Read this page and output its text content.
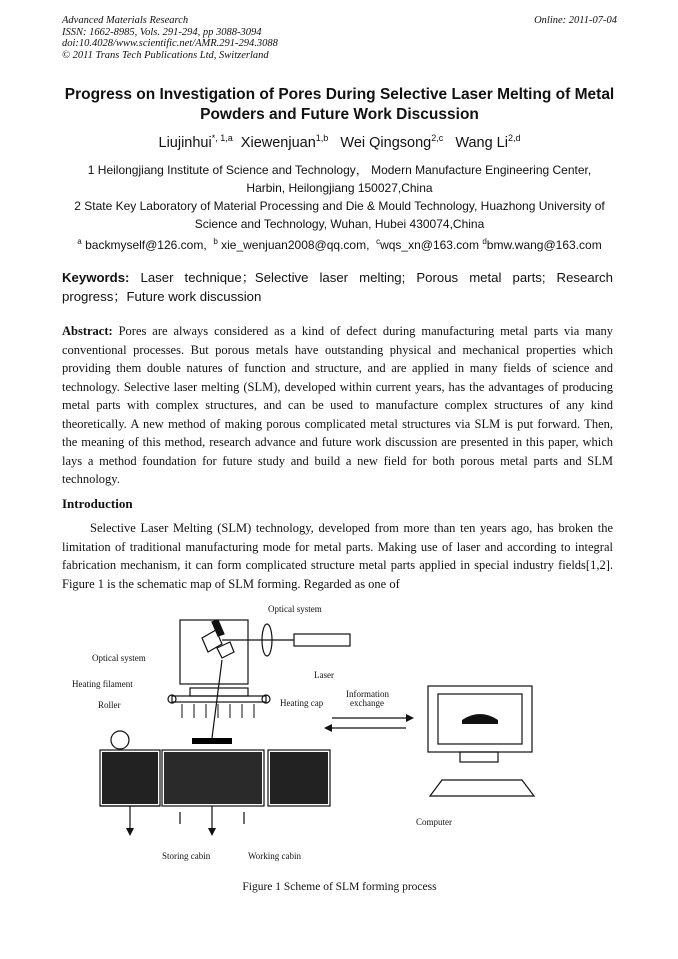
Advanced Materials Research
ISSN: 1662-8985, Vols. 291-294, pp 3088-3094
doi:10.4028/www.scientific.net/AMR.291-294.3088
© 2011 Trans Tech Publications Ltd, Switzerland
Online: 2011-07-04
Progress on Investigation of Pores During Selective Laser Melting of Metal Powders and Future Work Discussion
Liujinhui$^{*, 1,a}$ Xiewenjuan$^{1,b}$ Wei Qingsong$^{2,c}$ Wang Li$^{2,d}$
1 Heilongjiang Institute of Science and Technology， Modern Manufacture Engineering Center,
Harbin, Heilongjiang 150027,China
2 State Key Laboratory of Material Processing and Die & Mould Technology, Huazhong University of
Science and Technology, Wuhan, Hubei 430074,China
$^a$ backmyself@126.com, $^b$ xie_wenjuan2008@qq.com, $^c$wqs_xn@163.com $^d$bmw.wang@163.com
Keywords: Laser technique；Selective laser melting; Porous metal parts; Research progress；Future work discussion
Abstract: Pores are always considered as a kind of defect during manufacturing metal parts via many conventional processes. But porous metals have outstanding physical and mechanical properties which providing them double natures of function and structure, and are applied in many fields of science and technology. Selective laser melting (SLM), developed within current years, has the advantages of producing metal parts with complex structures, and can be used to manufacture complex structures of any kind theoretically. A new method of making porous complicated metal structures via SLM is put forward. Then, the meaning of this method, research advance and future work discussion are presented in this paper, which lays a method foundation for future study and build a new field for both porous metal parts and SLM technology.
Introduction
Selective Laser Melting (SLM) technology, developed from more than ten years ago, has broken the limitation of traditional manufacturing mode for metal parts. Making use of laser and according to integral fabrication mechanism, it can form complicated structure metal parts applied in special industry fields[1,2]. Figure 1 is the schematic map of SLM forming. Regarded as one of
Optical system
Optical system
Laser
Heating filament
Roller	Heating cap
Information
exchange
Computer
Storing cabin	Working cabin
Figure 1 Scheme of SLM forming process
